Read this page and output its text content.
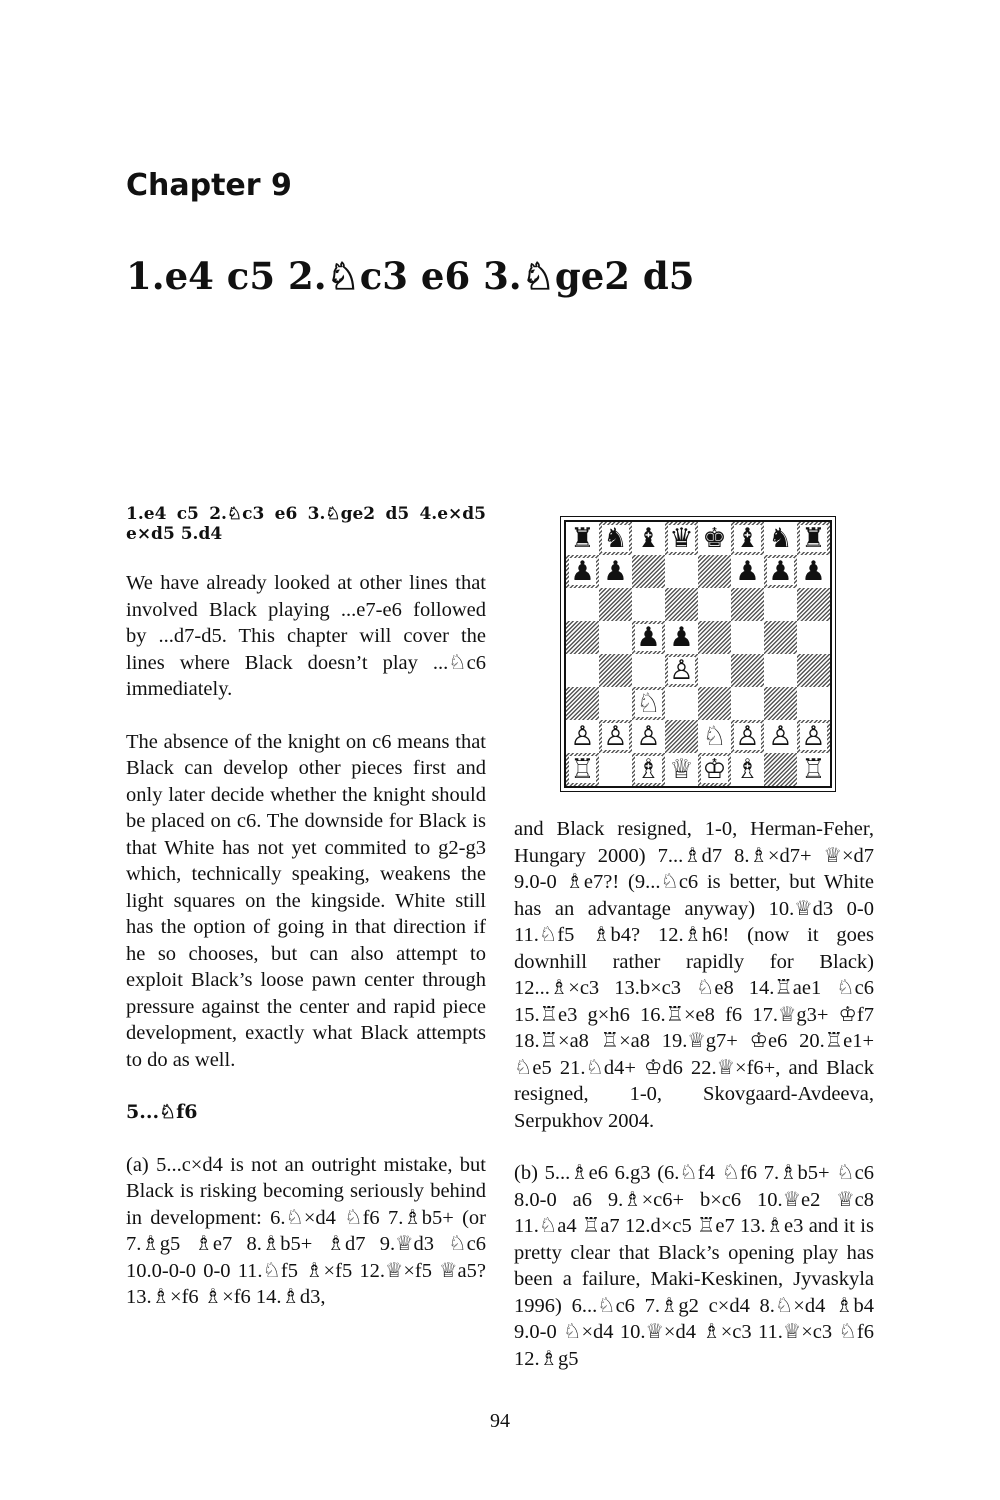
Chapter 9
1.e4 c5 2.♘c3 e6 3.♘ge2 d5

1.e4 c5 2.♘c3 e6 3.♘ge2 d5 4.e×d5 e×d5 5.d4

We have already looked at other lines that involved Black playing ...e7-e6 followed by ...d7-d5. This chapter will cover the lines where Black doesn’t play ...♘c6 immediately.

The absence of the knight on c6 means that Black can develop other pieces first and only later decide whether the knight should be placed on c6. The downside for Black is that White has not yet commited to g2-g3 which, technically speaking, weakens the light squares on the kingside. White still has the option of going in that direction if he so chooses, but can also attempt to exploit Black’s loose pawn center through pressure against the center and rapid piece development, exactly what Black attempts to do as well.

5...♘f6

(a) 5...c×d4 is not an outright mistake, but Black is risking becoming seriously behind in development: 6.♘×d4 ♘f6 7.♗b5+ (or 7.♗g5 ♗e7 8.♗b5+ ♗d7 9.♕d3 ♘c6 10.0-0-0 0-0 11.♘f5 ♗×f5 12.♕×f5 ♕a5? 13.♗×f6 ♗×f6 14.♗d3,

♜ ♞ ♝ ♛ ♚ ♝ ♞ ♜
♟ ♟	♟ ♟ ♟
♟ ♟
♙
♘
♙ ♙ ♙ ♘ ♙ ♙ ♙
♖ ♗ ♕ ♔ ♗ ♖

and Black resigned, 1-0, Herman-Feher, Hungary 2000) 7...♗d7 8.♗×d7+ ♕×d7 9.0-0 ♗e7?! (9...♘c6 is better, but White has an advantage anyway) 10.♕d3 0-0 11.♘f5 ♗b4? 12.♗h6! (now it goes downhill rather rapidly for Black) 12...♗×c3 13.b×c3 ♘e8 14.♖ae1 ♘c6 15.♖e3 g×h6 16.♖×e8 f6 17.♕g3+ ♔f7 18.♖×a8 ♖×a8 19.♕g7+ ♔e6 20.♖e1+ ♘e5 21.♘d4+ ♔d6 22.♕×f6+, and Black resigned, 1-0, Skovgaard-Avdeeva, Serpukhov 2004.

(b) 5...♗e6 6.g3 (6.♘f4 ♘f6 7.♗b5+ ♘c6 8.0-0 a6 9.♗×c6+ b×c6 10.♕e2 ♕c8 11.♘a4 ♖a7 12.d×c5 ♖e7 13.♗e3 and it is pretty clear that Black’s opening play has been a failure, Maki-Keskinen, Jyvaskyla 1996) 6...♘c6 7.♗g2 c×d4 8.♘×d4 ♗b4 9.0-0 ♘×d4 10.♕×d4 ♗×c3 11.♕×c3 ♘f6 12.♗g5

94
